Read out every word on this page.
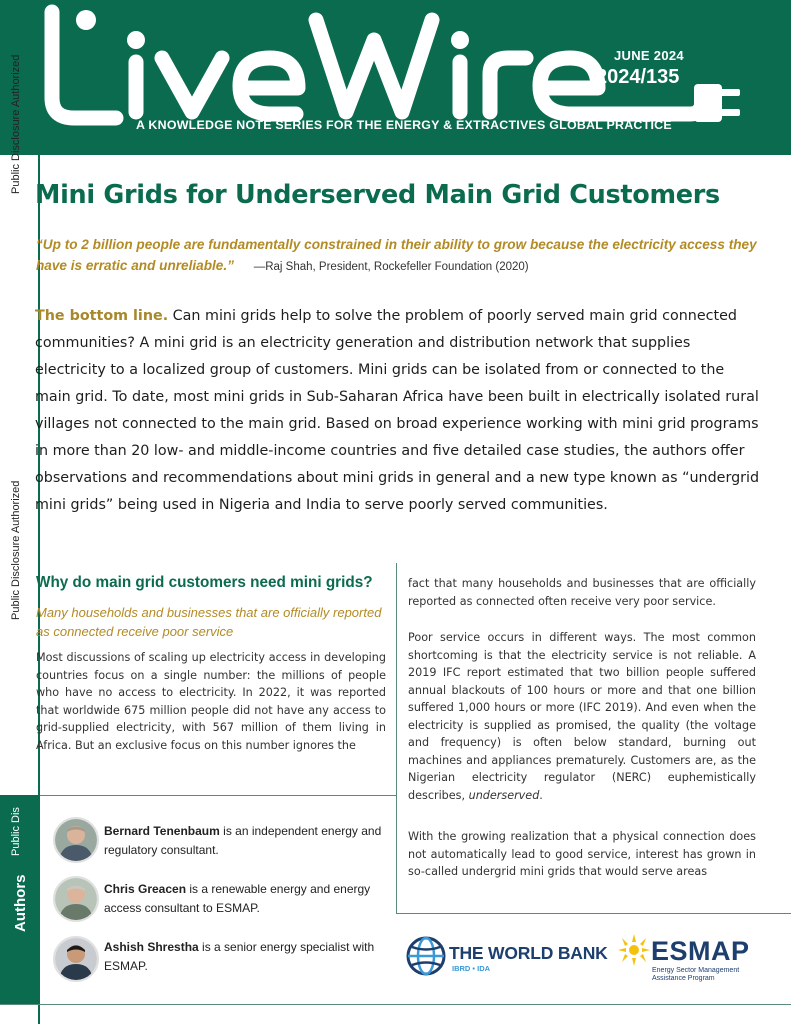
JUNE 2024
2024/135
A KNOWLEDGE NOTE SERIES FOR THE ENERGY & EXTRACTIVES GLOBAL PRACTICE
Public Disclosure Authorized
Public Disclosure Authorized
Mini Grids for Underserved Main Grid Customers

“Up to 2 billion people are fundamentally constrained in their ability to grow because the electricity access they have is erratic and unreliable.” —Raj Shah, President, Rockefeller Foundation (2020)

The bottom line. Can mini grids help to solve the problem of poorly served main grid connected communities? A mini grid is an electricity generation and distribution network that supplies electricity to a localized group of customers. Mini grids can be isolated from or connected to the main grid. To date, most mini grids in Sub-Saharan Africa have been built in electrically isolated rural villages not connected to the main grid. Based on broad experience working with mini grid programs in more than 20 low- and middle-income countries and five detailed case studies, the authors offer observations and recommendations about mini grids in general and a new type known as “undergrid mini grids” being used in Nigeria and India to serve poorly served communities.

Why do main grid customers need mini grids?

Many households and businesses that are officially reported as connected receive poor service

Most discussions of scaling up electricity access in developing countries focus on a single number: the millions of people who have no access to electricity. In 2022, it was reported that worldwide 675 million people did not have any access to grid-supplied electricity, with 567 million of them living in Africa. But an exclusive focus on this number ignores the

fact that many households and businesses that are officially reported as connected often receive very poor service.

Poor service occurs in different ways. The most common shortcoming is that the electricity service is not reliable. A 2019 IFC report estimated that two billion people suffered annual blackouts of 100 hours or more and that one billion suffered 1,000 hours or more (IFC 2019). And even when the electricity is supplied as promised, the quality (the voltage and frequency) is often below standard, burning out machines and appliances prematurely. Customers are, as the Nigerian electricity regulator (NERC) euphemistically describes, underserved.

With the growing realization that a physical connection does not automatically lead to good service, interest has grown in so-called undergrid mini grids that would serve areas

Authors
Public Dis	Bernard Tenenbaum is an independent energy and regulatory consultant.

Chris Greacen is a renewable energy and energy access consultant to ESMAP.

Ashish Shrestha is a senior energy specialist with ESMAP.

THE WORLD BANK
IBRD • IDA
ESMAP
Energy Sector Management Assistance Program
